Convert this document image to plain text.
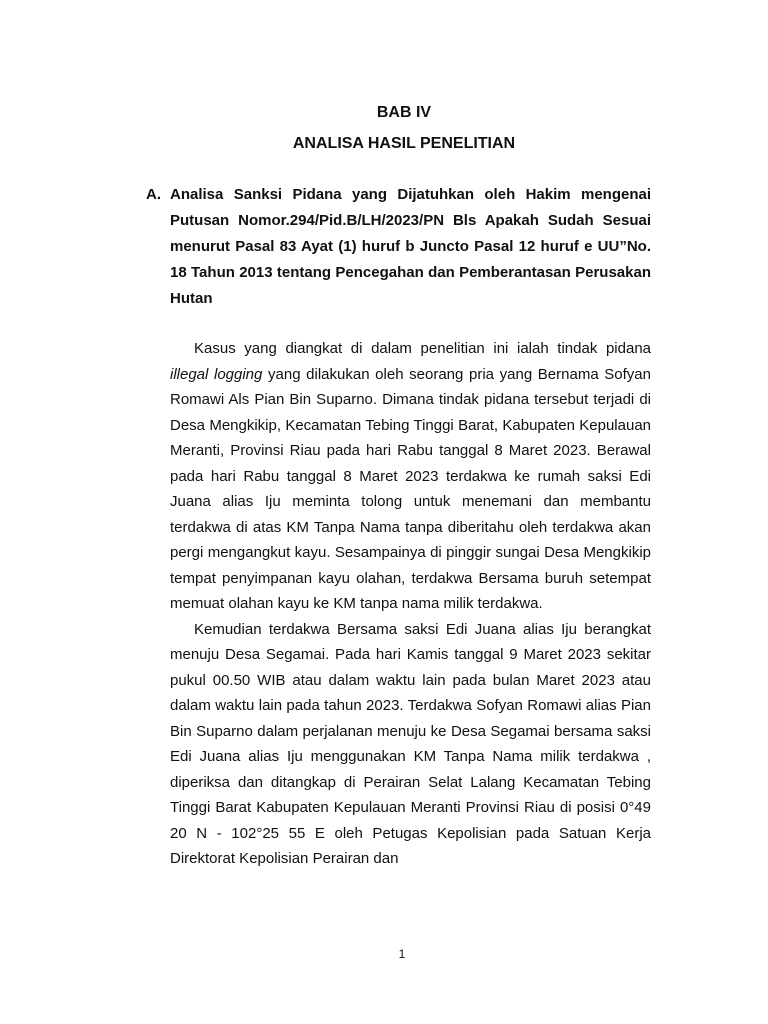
BAB IV
ANALISA HASIL PENELITIAN
A. Analisa Sanksi Pidana yang Dijatuhkan oleh Hakim mengenai Putusan Nomor.294/Pid.B/LH/2023/PN Bls Apakah Sudah Sesuai menurut Pasal 83 Ayat (1) huruf b Juncto Pasal 12 huruf e UU”No. 18 Tahun 2013 tentang Pencegahan dan Pemberantasan Perusakan Hutan

Kasus yang diangkat di dalam penelitian ini ialah tindak pidana illegal logging yang dilakukan oleh seorang pria yang Bernama Sofyan Romawi Als Pian Bin Suparno. Dimana tindak pidana tersebut terjadi di Desa Mengkikip, Kecamatan Tebing Tinggi Barat, Kabupaten Kepulauan Meranti, Provinsi Riau pada hari Rabu tanggal 8 Maret 2023. Berawal pada hari Rabu tanggal 8 Maret 2023 terdakwa ke rumah saksi Edi Juana alias Iju meminta tolong untuk menemani dan membantu terdakwa di atas KM Tanpa Nama tanpa diberitahu oleh terdakwa akan pergi mengangkut kayu. Sesampainya di pinggir sungai Desa Mengkikip tempat penyimpanan kayu olahan, terdakwa Bersama buruh setempat memuat olahan kayu ke KM tanpa nama milik terdakwa.

Kemudian terdakwa Bersama saksi Edi Juana alias Iju berangkat menuju Desa Segamai. Pada hari Kamis tanggal 9 Maret 2023 sekitar pukul 00.50 WIB atau dalam waktu lain pada bulan Maret 2023 atau dalam waktu lain pada tahun 2023. Terdakwa Sofyan Romawi alias Pian Bin Suparno dalam perjalanan menuju ke Desa Segamai bersama saksi Edi Juana alias Iju menggunakan KM Tanpa Nama milik terdakwa , diperiksa dan ditangkap di Perairan Selat Lalang Kecamatan Tebing Tinggi Barat Kabupaten Kepulauan Meranti Provinsi Riau di posisi 0°49 20 N - 102°25 55 E oleh Petugas Kepolisian pada Satuan Kerja Direktorat Kepolisian Perairan dan

1
